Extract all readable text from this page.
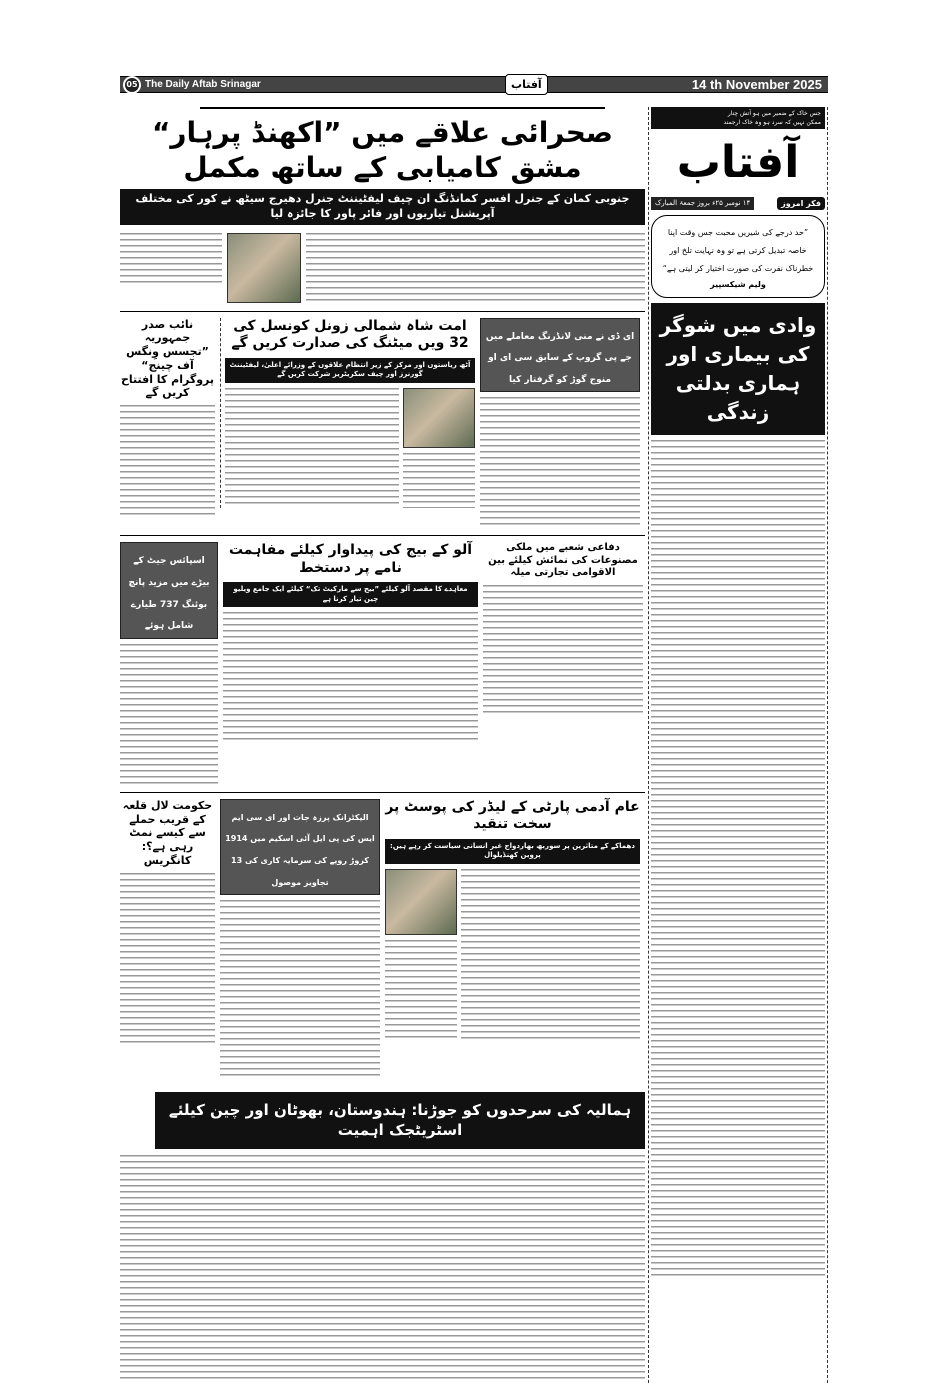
05 The Daily Aftab Srinagar	آفتاب	14 th November 2025
صحرائی علاقے میں ”اکھنڈ پرہار“ مشق کامیابی کے ساتھ مکمل
جنوبی کمان کے جنرل افسر کمانڈنگ ان چیف لیفٹیننٹ جنرل دھیرج سیٹھ نے کور کی مختلف آپریشنل تیاریوں اور فائر پاور کا جائزہ لیا
نائب صدر جمہوریہ ”تجسس وِنگس آف چینج“ پروگرام کا افتتاح کریں گے
امت شاہ شمالی زونل کونسل کی 32 ویں میٹنگ کی صدارت کریں گے
آٹھ ریاستوں اور مرکز کے زیر انتظام علاقوں کے وزرائے اعلیٰ، لیفٹیننٹ گورنرز اور چیف سکریٹریز شرکت کریں گے
ای ڈی نے منی لانڈرنگ معاملے میں جے پی گروپ کے سابق سی ای او منوج گوڑ کو گرفتار کیا
اسپائس جیٹ کے بیڑے میں مزید پانچ بوئنگ 737 طیارے شامل ہوئے
آلو کے بیج کی پیداوار کیلئے مفاہمت نامے پر دستخط
معاہدے کا مقصد آلو کیلئے ”بیج سے مارکیٹ تک“ کیلئے ایک جامع ویلیو چین تیار کرنا ہے
دفاعی شعبے میں ملکی مصنوعات کی نمائش کیلئے بین الاقوامی تجارتی میلہ
حکومت لال قلعہ کے قریب حملے سے کیسے نمٹ رہی ہے؟: کانگریس
الیکٹرانک پرزہ جات اور ای سی ایم ایس کی پی ایل آئی اسکیم میں 1914 کروڑ روپے کی سرمایہ کاری کی 13 تجاویز موصول
عام آدمی پارٹی کے لیڈر کی پوسٹ پر سخت تنقید
دھماکے کے متاثرین پر سوربھ بھاردواج غیر انسانی سیاست کر رہے ہیں: پروین کھنڈیلوال
ہمالیہ کی سرحدوں کو جوڑنا: ہندوستان، بھوٹان اور چین کیلئے اسٹریٹجک اہمیت
جس خاک کے ضمیر میں ہو آتش چنار
ممکن نہیں کہ سرد ہو وہ خاک ارجمند
آفتاب
فکر امروز
۱۴ نومبر ۲۵ء بروز جمعۃ المبارک
”حد درجے کی شیریں محبت جس وقت اپنا خاصہ تبدیل کرتی ہے تو وہ نہایت تلخ اور خطرناک نفرت کی صورت اختیار کر لیتی ہے“
ولیم شیکسپیر
وادی میں شوگر کی بیماری اور ہماری بدلتی زندگی
